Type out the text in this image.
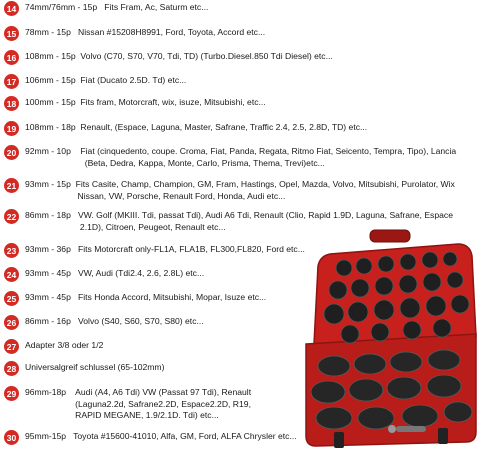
14	74mm/76mm - 15p   Fits Fram, Ac, Saturm etc...
15	78mm - 15p   Nissan #15208H8991, Ford, Toyota, Accord etc...
16	108mm - 15p  Volvo (C70, S70, V70, Tdi, TD) (Turbo.Diesel.850 Tdi Diesel) etc...
17	106mm - 15p  Fiat (Ducato 2.5D. Td) etc...
18	100mm - 15p  Fits fram, Motorcraft, wix, isuze, Mitsubishi, etc...
19	108mm - 18p  Renault, (Espace, Laguna, Master, Safrane, Traffic 2.4, 2.5, 2.8D, TD) etc...
20	92mm - 10p    Fiat (cinquedento, coupe. Croma, Fiat, Panda, Regata, Ritmo Fiat, Seicento, Tempra, Tipo), Lancia
(Beta, Dedra, Kappa, Monte, Carlo, Prisma, Thema, Trevi)etc...
21	93mm - 15p  Fits Casite, Champ, Champion, GM, Fram, Hastings, Opel, Mazda, Volvo, Mitsubishi, Purolator, Wix
Nissan, VW, Porsche, Renault Ford, Honda, Audi etc...
22	86mm - 18p   VW. Golf (MKIII. Tdi, passat Tdi), Audi A6 Tdi, Renault (Clio, Rapid 1.9D, Laguna, Safrane, Espace
2.1D), Citroen, Peugeot, Renault etc...
23	93mm - 36p   Fits Motorcraft only-FL1A, FLA1B, FL300,FL820, Ford etc...
24	93mm - 45p   VW, Audi (Tdi2.4, 2.6, 2.8L) etc...
25	93mm - 45p   Fits Honda Accord, Mitsubishi, Mopar, Isuze etc...
26	86mm - 16p   Volvo (S40, S60, S70, S80) etc...
27	Adapter 3/8 oder 1/2
28	Universalgreif schlussel (65-102mm)
29	96mm-18p    Audi (A4, A6 Tdi) VW (Passat 97 Tdi), Renault
(Laguna2.2d, Safrane2.2D, Espace2.2D, R19,
RAPID MEGANE, 1.9/2.1D. Tdi) etc...
30	95mm-15p   Toyota #15600-41010, Alfa, GM, Ford, ALFA Chrysler etc...
